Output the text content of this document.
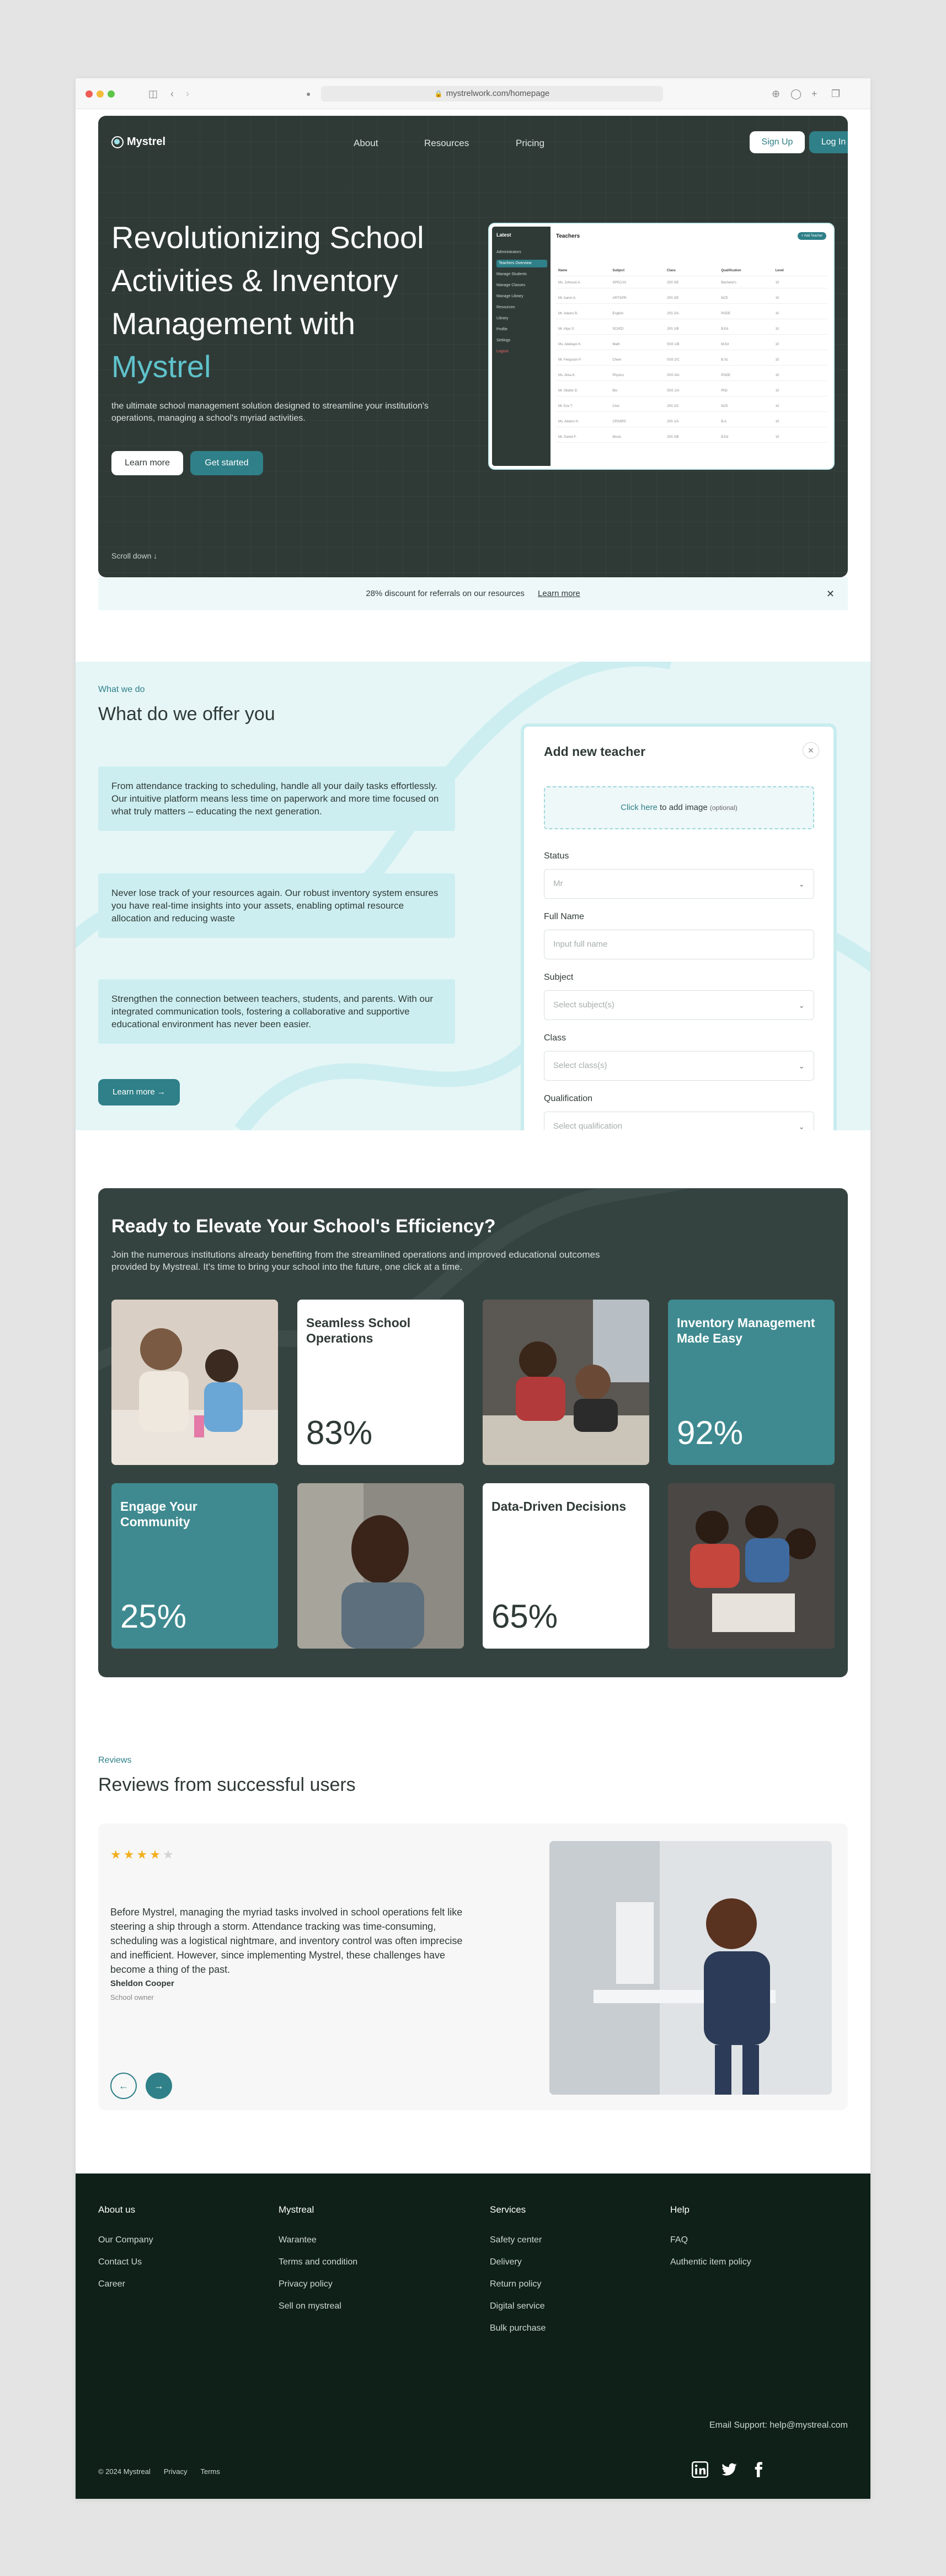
◫ ‹ ›	●	🔒 mystrelwork.com/homepage	⊕ ◯ + ❐
Mystrel	About	Resources	Pricing	Sign Up	Log In
Revolutionizing School Activities & Inventory Management with
Mystrel

the ultimate school management solution designed to streamline your institution's operations, managing a school's myriad activities.

Learn more	Get started
Scroll down ↓
Latest
Administrators
Teachers Overview
Manage Students
Manage Classes
Manage Library
Resources
Library
Profile
Settings
Logout
Teachers	+ Add Teacher
Name	Subject	Class	Qualification	Level
Ms. Johnson A.	SPEC/10	JSS 3/E	Bachelor's	10
Mr. Aaron A.	ARTS/PE	JSS 3/E	NCE	10
Mr. Adams B.	English	JSS 2/A	PGDE	10
Mr. Aliyu S.	SCI/ED	JSS 1/B	B.Ed	10
Ms. Adebayo K.	Math	SSS 1/B	M.Ed	10
Mr. Ferguson P.	Chem	SSS 2/C	B.Sc	10
Ms. Alisa K.	Physics	SSS 3/A	PGDE	10
Mr. Okafor D.	Bio	SSS 1/A	PhD	10
Mr. Eze T.	Civic	JSS 2/C	NCE	10
Ms. Adams H.	CRS/IRS	JSS 1/A	B.A	10
Mr. Daniel F.	Music	JSS 3/B	B.Ed	10
28% discount for referrals on our resources Learn more	✕
What we do
What do we offer you
From attendance tracking to scheduling, handle all your daily tasks effortlessly. Our intuitive platform means less time on paperwork and more time focused on what truly matters – educating the next generation.
Never lose track of your resources again. Our robust inventory system ensures you have real-time insights into your assets, enabling optimal resource allocation and reducing waste
Strengthen the connection between teachers, students, and parents. With our integrated communication tools, fostering a collaborative and supportive educational environment has never been easier.
Learn more →
Add new teacher	✕
Click here to add image (optional)
Status
Mr	⌄
Full Name
Input full name
Subject
Select subject(s)	⌄
Class
Select class(s)	⌄
Qualification
Select qualification	⌄
Ready to Elevate Your School's Efficiency?

Join the numerous institutions already benefiting from the streamlined operations and improved educational outcomes provided by Mystreal. It's time to bring your school into the future, one click at a time.

Seamless School Operations
83%
Inventory Management Made Easy
92%
Engage Your Community
25%
Data-Driven Decisions
65%
Reviews
Reviews from successful users
★★★★★

Before Mystrel, managing the myriad tasks involved in school operations felt like steering a ship through a storm. Attendance tracking was time-consuming, scheduling was a logistical nightmare, and inventory control was often imprecise and inefficient. However, since implementing Mystrel, these challenges have become a thing of the past.

Sheldon Cooper
School owner
←	→
About us
Our Company
Contact Us
Career
Mystreal
Warantee
Terms and condition
Privacy policy
Sell on mystreal
Services
Safety center
Delivery
Return policy
Digital service
Bulk purchase
Help
FAQ
Authentic item policy
Email Support: help@mystreal.com
© 2024 Mystreal Privacy Terms
